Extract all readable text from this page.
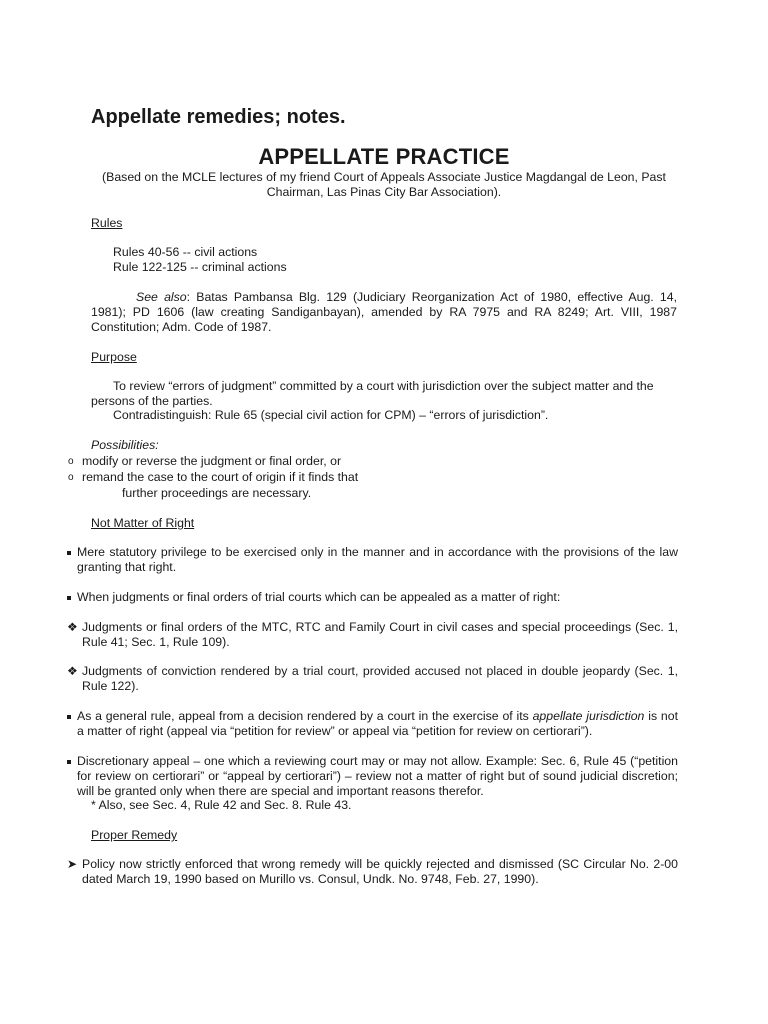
Appellate remedies; notes.
APPELLATE PRACTICE
(Based on the MCLE lectures of my friend Court of Appeals Associate Justice Magdangal de Leon, Past Chairman, Las Pinas City Bar Association).
Rules
Rules 40-56 -- civil actions
Rule 122-125 -- criminal actions
See also: Batas Pambansa Blg. 129 (Judiciary Reorganization Act of 1980, effective Aug. 14, 1981); PD 1606 (law creating Sandiganbayan), amended by RA 7975 and RA 8249; Art. VIII, 1987 Constitution; Adm. Code of 1987.
Purpose
To review “errors of judgment” committed by a court with jurisdiction over the subject matter and the
persons of the parties.
Contradistinguish: Rule 65 (special civil action for CPM) – “errors of jurisdiction”.
Possibilities:
o modify or reverse the judgment or final order, or
o remand the case to the court of origin if it finds that
further proceedings are necessary.
Not Matter of Right
Mere statutory privilege to be exercised only in the manner and in accordance with the provisions of the law granting that right.
When judgments or final orders of trial courts which can be appealed as a matter of right:
❖ Judgments or final orders of the MTC, RTC and Family Court in civil cases and special proceedings (Sec. 1, Rule 41; Sec. 1, Rule 109).
❖ Judgments of conviction rendered by a trial court, provided accused not placed in double jeopardy (Sec. 1, Rule 122).
As a general rule, appeal from a decision rendered by a court in the exercise of its appellate jurisdiction is not a matter of right (appeal via “petition for review” or appeal via “petition for review on certiorari”).
Discretionary appeal – one which a reviewing court may or may not allow. Example: Sec. 6, Rule 45 (“petition for review on certiorari” or “appeal by certiorari”) – review not a matter of right but of sound judicial discretion; will be granted only when there are special and important reasons therefor.
* Also, see Sec. 4, Rule 42 and Sec. 8. Rule 43.
Proper Remedy
➤ Policy now strictly enforced that wrong remedy will be quickly rejected and dismissed (SC Circular No. 2-00 dated March 19, 1990 based on Murillo vs. Consul, Undk. No. 9748, Feb. 27, 1990).
